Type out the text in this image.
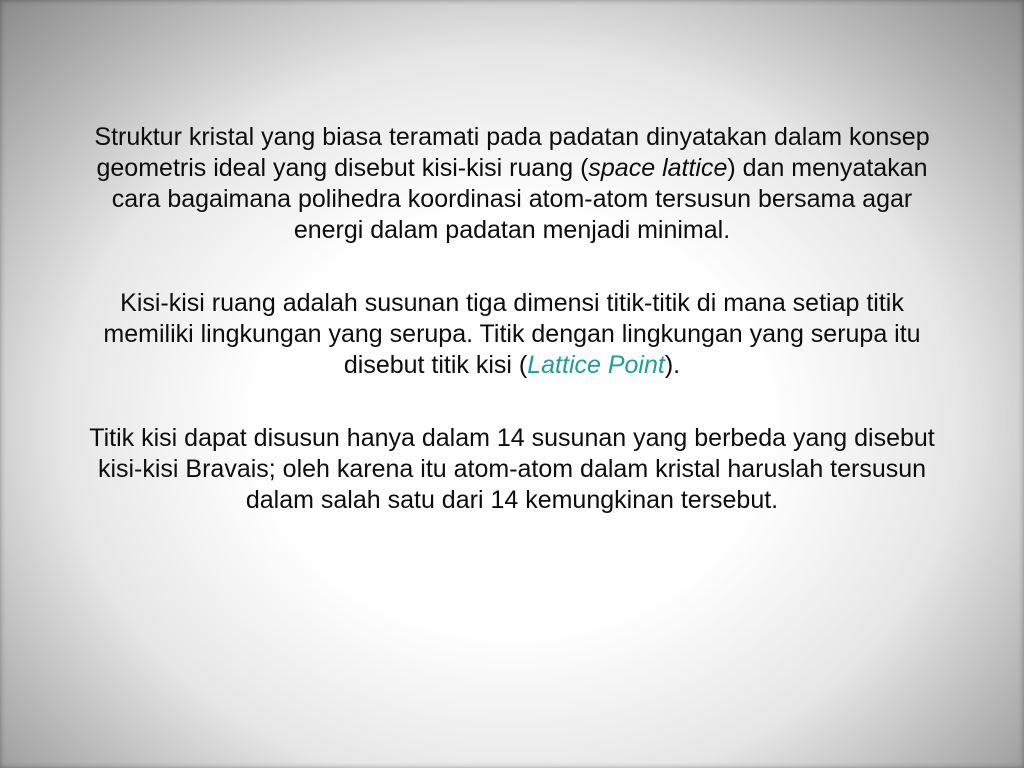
Struktur kristal yang biasa teramati pada padatan dinyatakan dalam konsep
geometris ideal yang disebut kisi-kisi ruang (space lattice) dan menyatakan
cara bagaimana polihedra koordinasi atom-atom tersusun bersama agar
energi dalam padatan menjadi minimal.
Kisi-kisi ruang adalah susunan tiga dimensi titik-titik di mana setiap titik
memiliki lingkungan yang serupa. Titik dengan lingkungan yang serupa itu
disebut titik kisi (Lattice Point).
Titik kisi dapat disusun hanya dalam 14 susunan yang berbeda yang disebut
kisi-kisi Bravais; oleh karena itu atom-atom dalam kristal haruslah tersusun
dalam salah satu dari 14 kemungkinan tersebut.
